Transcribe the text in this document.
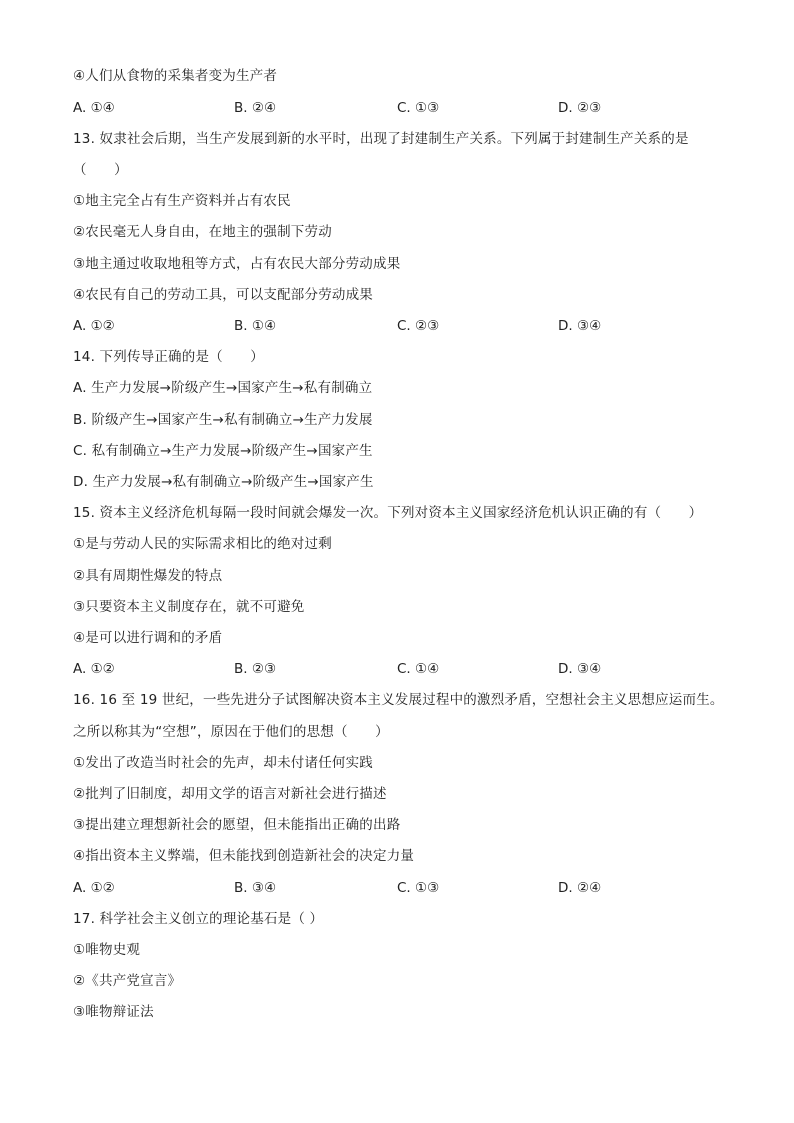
④人们从食物的采集者变为生产者
A. ①④	B. ②④	C. ①③	D. ②③
13. 奴隶社会后期，当生产发展到新的水平时，出现了封建制生产关系。下列属于封建制生产关系的是
（　　）
①地主完全占有生产资料并占有农民
②农民毫无人身自由，在地主的强制下劳动
③地主通过收取地租等方式，占有农民大部分劳动成果
④农民有自己的劳动工具，可以支配部分劳动成果
A. ①②	B. ①④	C. ②③	D. ③④
14. 下列传导正确的是（　　）
A. 生产力发展→阶级产生→国家产生→私有制确立
B. 阶级产生→国家产生→私有制确立→生产力发展
C. 私有制确立→生产力发展→阶级产生→国家产生
D. 生产力发展→私有制确立→阶级产生→国家产生
15. 资本主义经济危机每隔一段时间就会爆发一次。下列对资本主义国家经济危机认识正确的有（　　）
①是与劳动人民的实际需求相比的绝对过剩
②具有周期性爆发的特点
③只要资本主义制度存在，就不可避免
④是可以进行调和的矛盾
A. ①②	B. ②③	C. ①④	D. ③④
16. 16 至 19 世纪，一些先进分子试图解决资本主义发展过程中的激烈矛盾，空想社会主义思想应运而生。
之所以称其为“空想”，原因在于他们的思想（　　）
①发出了改造当时社会的先声，却未付诸任何实践
②批判了旧制度，却用文学的语言对新社会进行描述
③提出建立理想新社会的愿望，但未能指出正确的出路
④指出资本主义弊端，但未能找到创造新社会的决定力量
A. ①②	B. ③④	C. ①③	D. ②④
17. 科学社会主义创立的理论基石是（ ）
①唯物史观
②《共产党宣言》
③唯物辩证法
